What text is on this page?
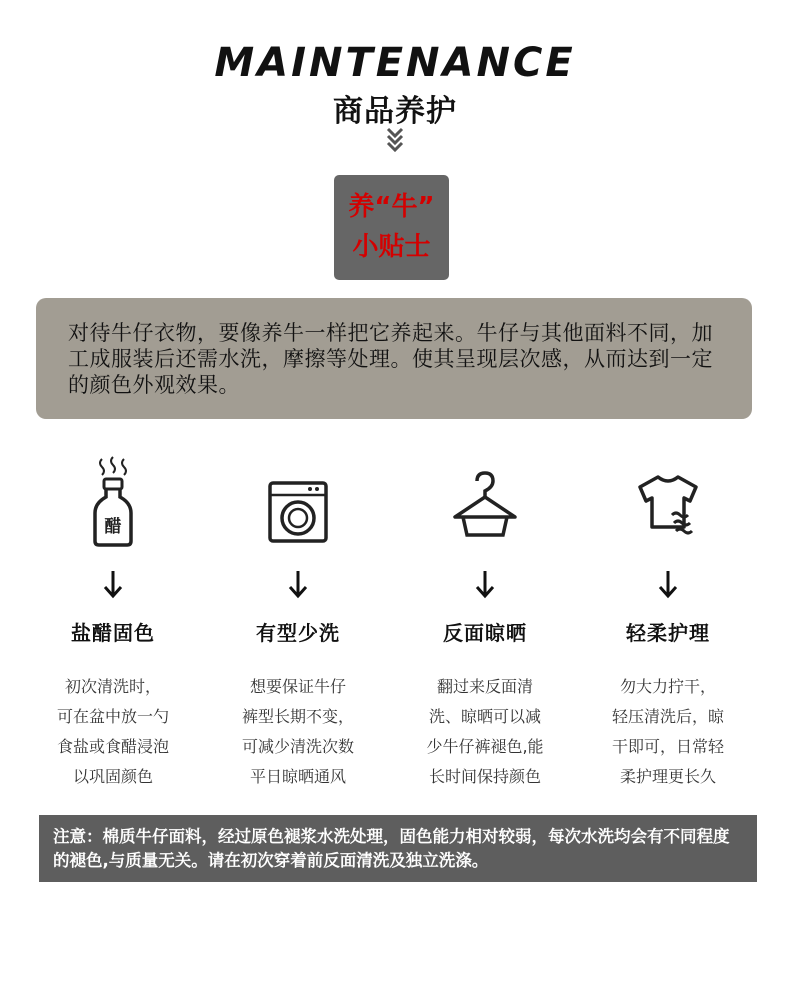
MAINTENANCE
商品养护
养“牛”
小贴士
对待牛仔衣物，要像养牛一样把它养起来。牛仔与其他面料不同，加工成服装后还需水洗，摩擦等处理。使其呈现层次感，从而达到一定的颜色外观效果。
醋
盐醋固色
初次清洗时，
可在盆中放一勺
食盐或食醋浸泡
以巩固颜色
有型少洗
想要保证牛仔
裤型长期不变，
可减少清洗次数
平日晾晒通风
反面晾晒
翻过来反面清
洗、晾晒可以减
少牛仔裤褪色,能
长时间保持颜色
轻柔护理
勿大力拧干，
轻压清洗后，晾
干即可，日常轻
柔护理更长久
注意：棉质牛仔面料，经过原色褪浆水洗处理，固色能力相对较弱，每次水洗均会有不同程度的褪色,与质量无关。请在初次穿着前反面清洗及独立洗涤。
